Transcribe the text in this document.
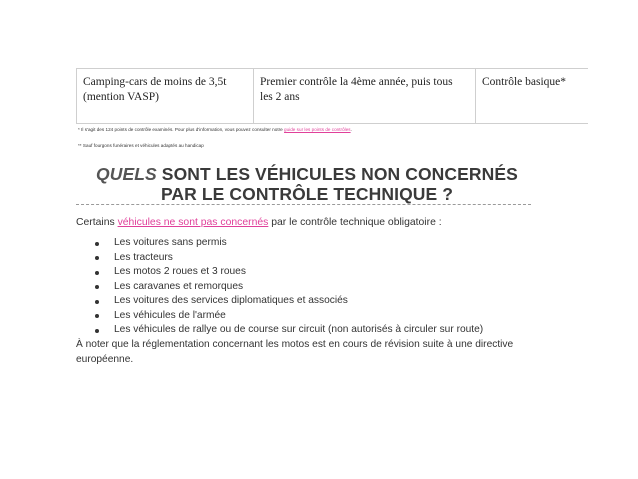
Camping-cars de moins de 3,5t
(mention VASP)
Premier contrôle la 4ème année, puis tous
les 2 ans
Contrôle basique*
* Il s'agit des 124 points de contrôle examinés. Pour plus d'information, vous pouvez consulter notre guide sur les points de contrôles.
** Sauf fourgons funéraires et véhicules adaptés au handicap
QUELS SONT LES VÉHICULES NON CONCERNÉS
PAR LE CONTRÔLE TECHNIQUE ?
Certains véhicules ne sont pas concernés par le contrôle technique obligatoire :
Les voitures sans permis
Les tracteurs
Les motos 2 roues et 3 roues
Les caravanes et remorques
Les voitures des services diplomatiques et associés
Les véhicules de l'armée
Les véhicules de rallye ou de course sur circuit (non autorisés à circuler sur route)
À noter que la réglementation concernant les motos est en cours de révision suite à une directive européenne.
